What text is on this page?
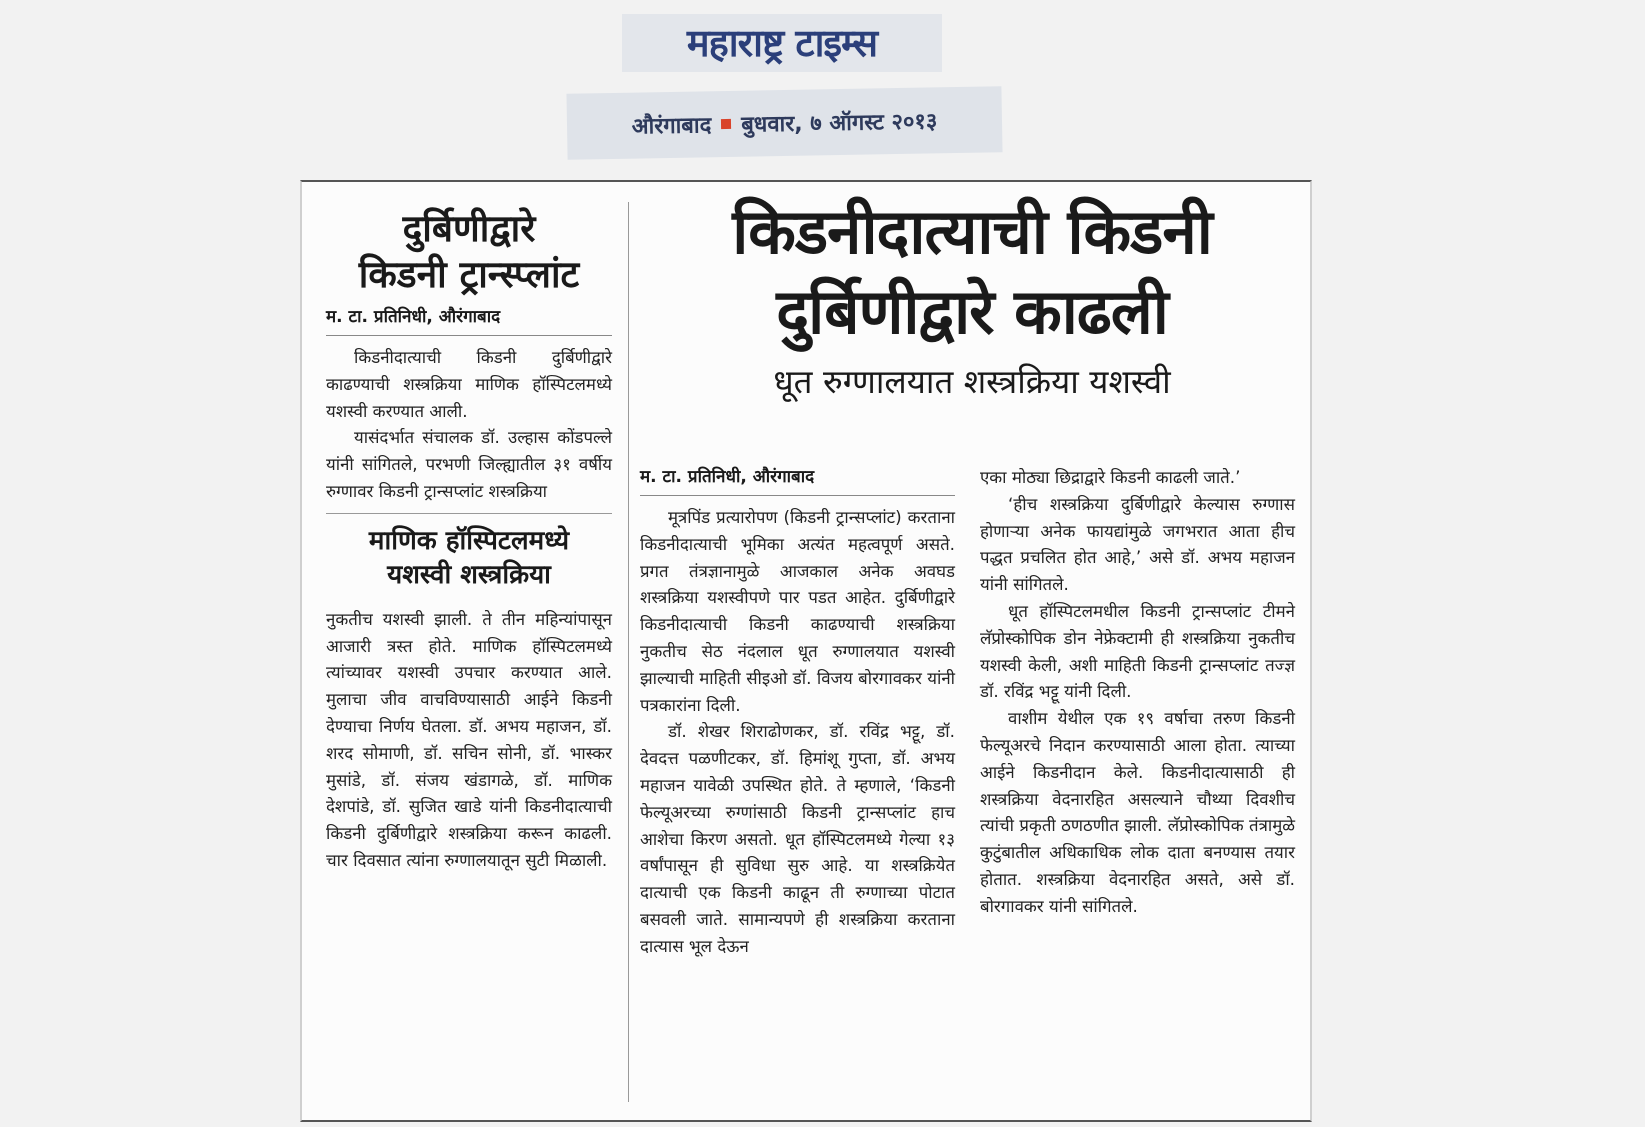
महाराष्ट्र टाइम्स
औरंगाबाद बुधवार, ७ ऑगस्ट २०१३
दुर्बिणीद्वारे
किडनी ट्रान्स्प्लांट
म. टा. प्रतिनिधी, औरंगाबाद

किडनीदात्याची किडनी दुर्बिणीद्वारे काढण्याची शस्त्रक्रिया माणिक हॉस्पिटलमध्ये यशस्वी करण्यात आली.

यासंदर्भात संचालक डॉ. उल्हास कोंडपल्ले यांनी सांगितले, परभणी जिल्ह्यातील ३१ वर्षीय रुग्णावर किडनी ट्रान्सप्लांट शस्त्रक्रिया

माणिक हॉस्पिटलमध्ये
यशस्वी शस्त्रक्रिया

नुकतीच यशस्वी झाली. ते तीन महिन्यांपासून आजारी त्रस्त होते. माणिक हॉस्पिटलमध्ये त्यांच्यावर यशस्वी उपचार करण्यात आले. मुलाचा जीव वाचविण्यासाठी आईने किडनी देण्याचा निर्णय घेतला. डॉ. अभय महाजन, डॉ. शरद सोमाणी, डॉ. सचिन सोनी, डॉ. भास्कर मुसांडे, डॉ. संजय खंडागळे, डॉ. माणिक देशपांडे, डॉ. सुजित खाडे यांनी किडनीदात्याची किडनी दुर्बिणीद्वारे शस्त्रक्रिया करून काढली. चार दिवसात त्यांना रुग्णालयातून सुटी मिळाली.

किडनीदात्याची किडनी
दुर्बिणीद्वारे काढली
धूत रुग्णालयात शस्त्रक्रिया यशस्वी
म. टा. प्रतिनिधी, औरंगाबाद

मूत्रपिंड प्रत्यारोपण (किडनी ट्रान्सप्लांट) करताना किडनीदात्याची भूमिका अत्यंत महत्वपूर्ण असते. प्रगत तंत्रज्ञानामुळे आजकाल अनेक अवघड शस्त्रक्रिया यशस्वीपणे पार पडत आहेत. दुर्बिणीद्वारे किडनीदात्याची किडनी काढण्याची शस्त्रक्रिया नुकतीच सेठ नंदलाल धूत रुग्णालयात यशस्वी झाल्याची माहिती सीइओ डॉ. विजय बोरगावकर यांनी पत्रकारांना दिली.

डॉ. शेखर शिराढोणकर, डॉ. रविंद्र भट्टू, डॉ. देवदत्त पळणीटकर, डॉ. हिमांशू गुप्ता, डॉ. अभय महाजन यावेळी उपस्थित होते. ते म्हणाले, ‘किडनी फेल्यूअरच्या रुग्णांसाठी किडनी ट्रान्सप्लांट हाच आशेचा किरण असतो. धूत हॉस्पिटलमध्ये गेल्या १३ वर्षांपासून ही सुविधा सुरु आहे. या शस्त्रक्रियेत दात्याची एक किडनी काढून ती रुग्णाच्या पोटात बसवली जाते. सामान्यपणे ही शस्त्रक्रिया करताना दात्यास भूल देऊन

एका मोठ्या छिद्राद्वारे किडनी काढली जाते.’

‘हीच शस्त्रक्रिया दुर्बिणीद्वारे केल्यास रुग्णास होणाऱ्या अनेक फायद्यांमुळे जगभरात आता हीच पद्धत प्रचलित होत आहे,’ असे डॉ. अभय महाजन यांनी सांगितले.

धूत हॉस्पिटलमधील किडनी ट्रान्सप्लांट टीमने लॅप्रोस्कोपिक डोन नेफ्रेक्टामी ही शस्त्रक्रिया नुकतीच यशस्वी केली, अशी माहिती किडनी ट्रान्सप्लांट तज्ज्ञ डॉ. रविंद्र भट्टू यांनी दिली.

वाशीम येथील एक १९ वर्षाचा तरुण किडनी फेल्यूअरचे निदान करण्यासाठी आला होता. त्याच्या आईने किडनीदान केले. किडनीदात्यासाठी ही शस्त्रक्रिया वेदनारहित असल्याने चौथ्या दिवशीच त्यांची प्रकृती ठणठणीत झाली. लॅप्रोस्कोपिक तंत्रामुळे कुटुंबातील अधिकाधिक लोक दाता बनण्यास तयार होतात. शस्त्रक्रिया वेदनारहित असते, असे डॉ. बोरगावकर यांनी सांगितले.
